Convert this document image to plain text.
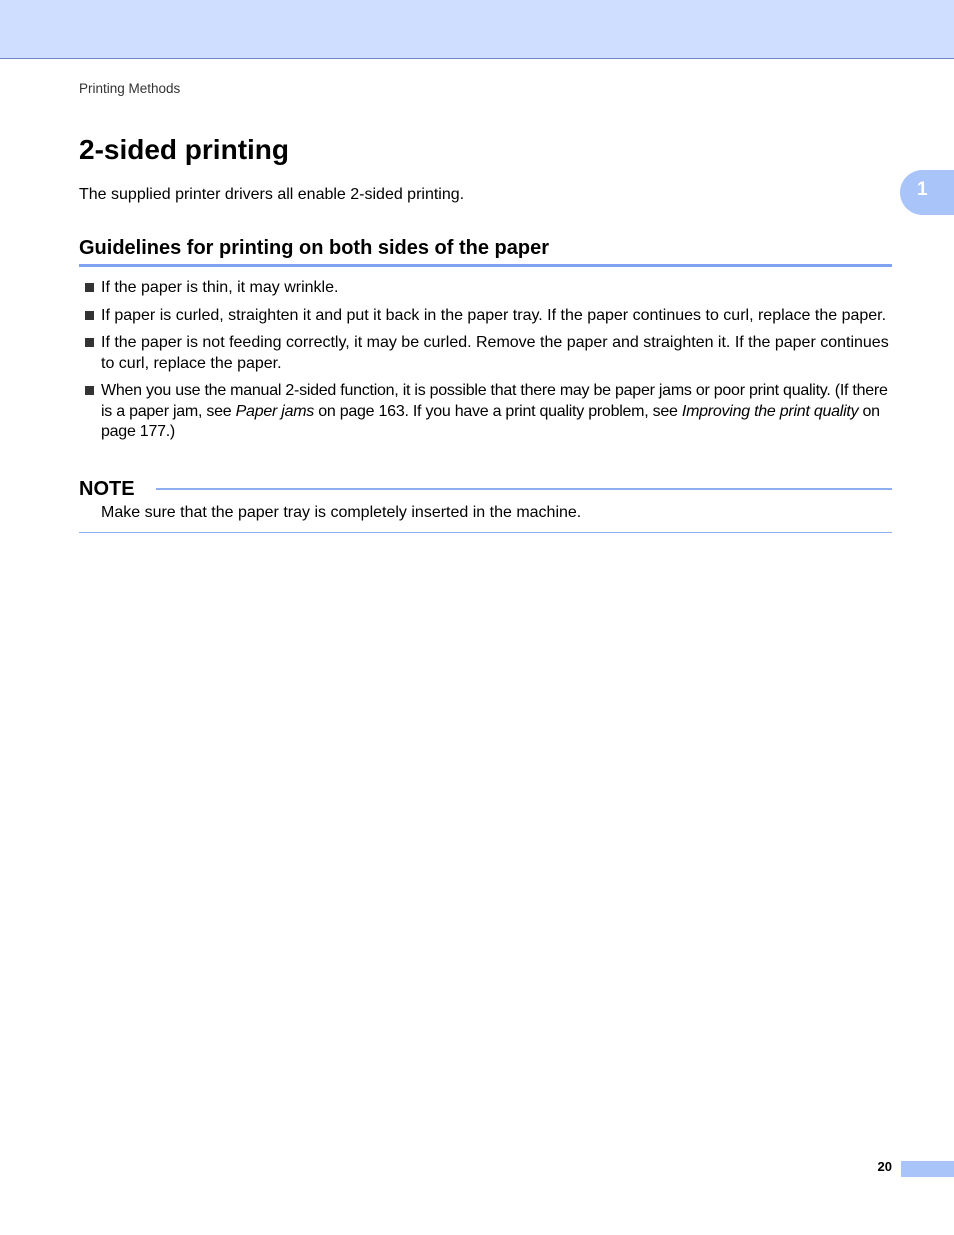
Printing Methods
1
2-sided printing

The supplied printer drivers all enable 2-sided printing.

Guidelines for printing on both sides of the paper
If the paper is thin, it may wrinkle.
If paper is curled, straighten it and put it back in the paper tray. If the paper continues to curl, replace the paper.
If the paper is not feeding correctly, it may be curled. Remove the paper and straighten it. If the paper continues to curl, replace the paper.
When you use the manual 2-sided function, it is possible that there may be paper jams or poor print quality. (If there is a paper jam, see Paper jams on page 163. If you have a print quality problem, see Improving the print quality on page 177.)
NOTE

Make sure that the paper tray is completely inserted in the machine.

20
